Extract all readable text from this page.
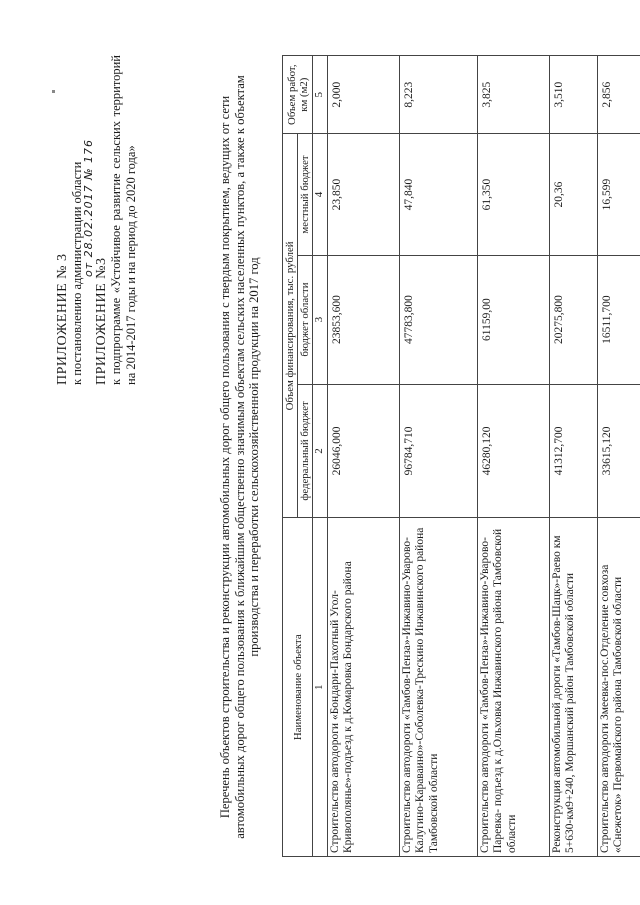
ПРИЛОЖЕНИЕ № 3 к постановлению администрации области
от 28.02.2017 № 176
ПРИЛОЖЕНИЕ №3 к подпрограмме «Устойчивое развитие сельских территорий на 2014-2017 годы и на период до 2020 года»	Перечень объектов строительства и реконструкции автомобильных дорог общего пользования с твердым покрытием, ведущих от сети автомобильных дорог общего пользования к ближайшим общественно значимым объектам сельских населенных пунктов, а также к объектам производства и переработки сельскохозяйственной продукции на 2017 год
Наименование объекта	Объем финансирования, тыс. рублей			Объем работ,
км (м2)
	федеральный бюджет	бюджет области	местный бюджет	
1	2	3	4	5
Строительство автодороги «Бондари-Пахотный Угол-Кривополянье»-подъезд к д.Комаровка Бондарского района	26046,000	23853,600	23,850	2,000
Строительство автодороги «Тамбов-Пенза»-Инжавино-Уварово-Калугино-Караваино»-Соболевка-Трескино Инжавинского района Тамбовской области	96784,710	47783,800	47,840	8,223
Строительство автодороги «Тамбов-Пенза»-Инжавино-Уварово-Паревка- подъезд к д.Ольховка Инжавинского района Тамбовской области	46280,120	61159,00	61,350	3,825
Реконструкция автомобильной дороги «Тамбов-Шацк»-Раево км 5+630-км9+240, Моршанский район Тамбовской области	41312,700	20275,800	20,36	3,510
Строительство автодороги Змеевка-пос.Отделение совхоза «Снежеток» Первомайского района Тамбовской области	33615,120	16511,700	16,599	2,856
